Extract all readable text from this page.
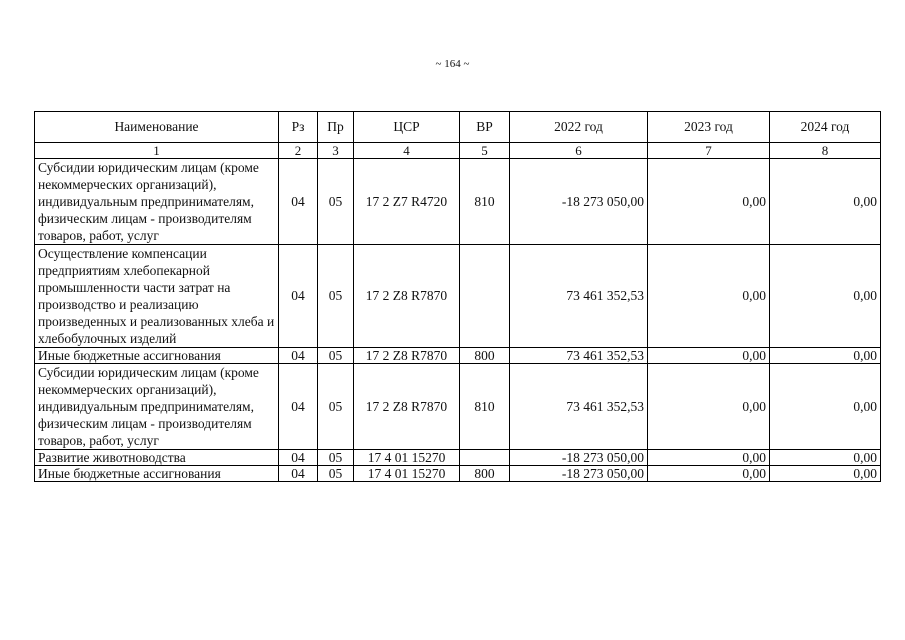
~ 164 ~
Наименование	Рз	Пр	ЦСР	ВР	2022 год	2023 год	2024 год
1	2	3	4	5	6	7	8
Субсидии юридическим лицам (кроме некоммерческих организаций), индивидуальным предпринимателям, физическим лицам - производителям товаров, работ, услуг	04	05	17 2 Z7 R4720	810	-18 273 050,00	0,00	0,00
Осуществление компенсации предприятиям хлебопекарной промышленности части затрат на производство и реализацию произведенных и реализованных хлеба и хлебобулочных изделий	04	05	17 2 Z8 R7870		73 461 352,53	0,00	0,00
Иные бюджетные ассигнования	04	05	17 2 Z8 R7870	800	73 461 352,53	0,00	0,00
Субсидии юридическим лицам (кроме некоммерческих организаций), индивидуальным предпринимателям, физическим лицам - производителям товаров, работ, услуг	04	05	17 2 Z8 R7870	810	73 461 352,53	0,00	0,00
Развитие животноводства	04	05	17 4 01 15270		-18 273 050,00	0,00	0,00
Иные бюджетные ассигнования	04	05	17 4 01 15270	800	-18 273 050,00	0,00	0,00
